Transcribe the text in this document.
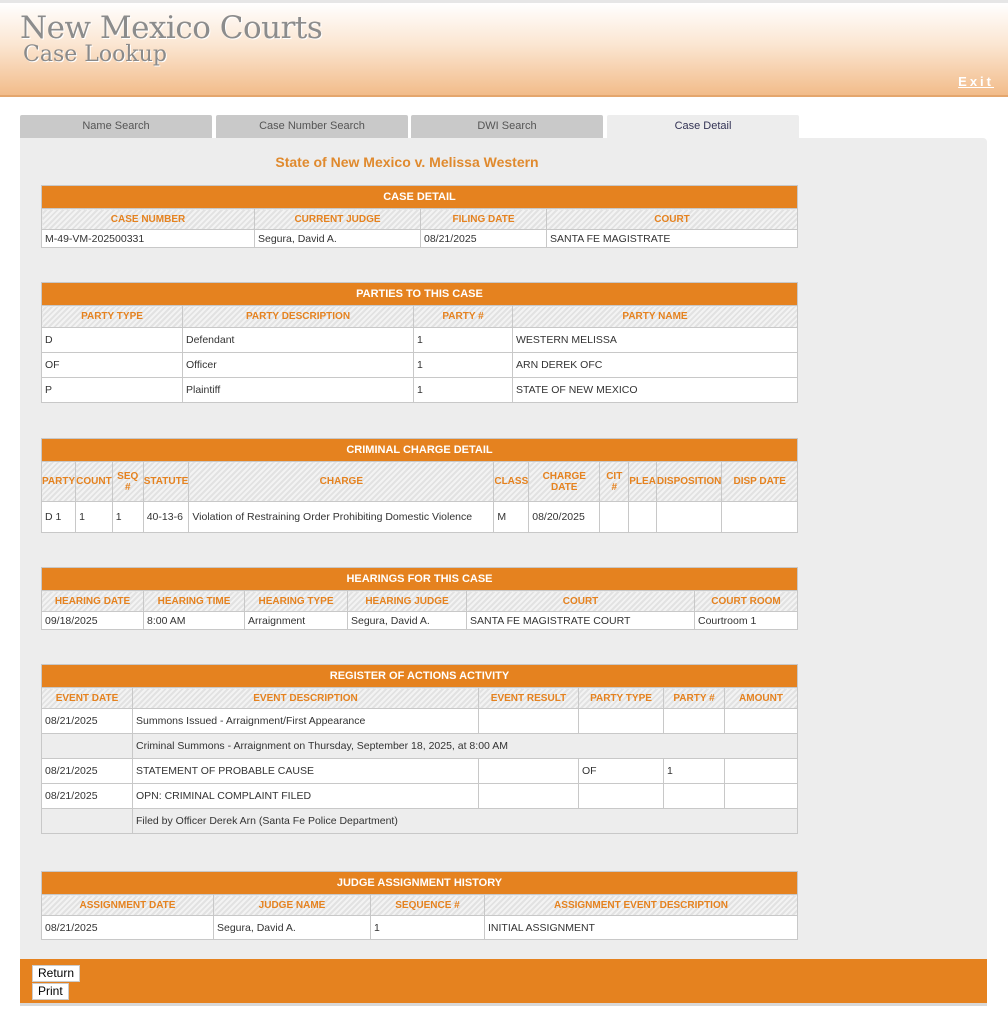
New Mexico Courts
Case Lookup
Exit
Name Search	Case Number Search	DWI Search	Case Detail
State of New Mexico v. Melissa Western
CASE DETAIL			
CASE NUMBER	CURRENT JUDGE	FILING DATE	COURT
M-49-VM-202500331	Segura, David A.	08/21/2025	SANTA FE MAGISTRATE
PARTIES TO THIS CASE			
PARTY TYPE	PARTY DESCRIPTION	PARTY #	PARTY NAME
D	Defendant	1	WESTERN MELISSA
OF	Officer	1	ARN DEREK OFC
P	Plaintiff	1	STATE OF NEW MEXICO
CRIMINAL CHARGE DETAIL										
PARTY	COUNT	SEQ #	STATUTE	CHARGE	CLASS	CHARGE DATE	CIT #	PLEA	DISPOSITION	DISP DATE
D 1	1	1	40-13-6	Violation of Restraining Order Prohibiting Domestic Violence	M	08/20/2025				
HEARINGS FOR THIS CASE					
HEARING DATE	HEARING TIME	HEARING TYPE	HEARING JUDGE	COURT	COURT ROOM
09/18/2025	8:00 AM	Arraignment	Segura, David A.	SANTA FE MAGISTRATE COURT	Courtroom 1
REGISTER OF ACTIONS ACTIVITY					
EVENT DATE	EVENT DESCRIPTION	EVENT RESULT	PARTY TYPE	PARTY #	AMOUNT
08/21/2025	Summons Issued - Arraignment/First Appearance				
	Criminal Summons - Arraignment on Thursday, September 18, 2025, at 8:00 AM				
08/21/2025	STATEMENT OF PROBABLE CAUSE		OF	1	
08/21/2025	OPN: CRIMINAL COMPLAINT FILED				
	Filed by Officer Derek Arn (Santa Fe Police Department)				
JUDGE ASSIGNMENT HISTORY			
ASSIGNMENT DATE	JUDGE NAME	SEQUENCE #	ASSIGNMENT EVENT DESCRIPTION
08/21/2025	Segura, David A.	1	INITIAL ASSIGNMENT
Return
Print
